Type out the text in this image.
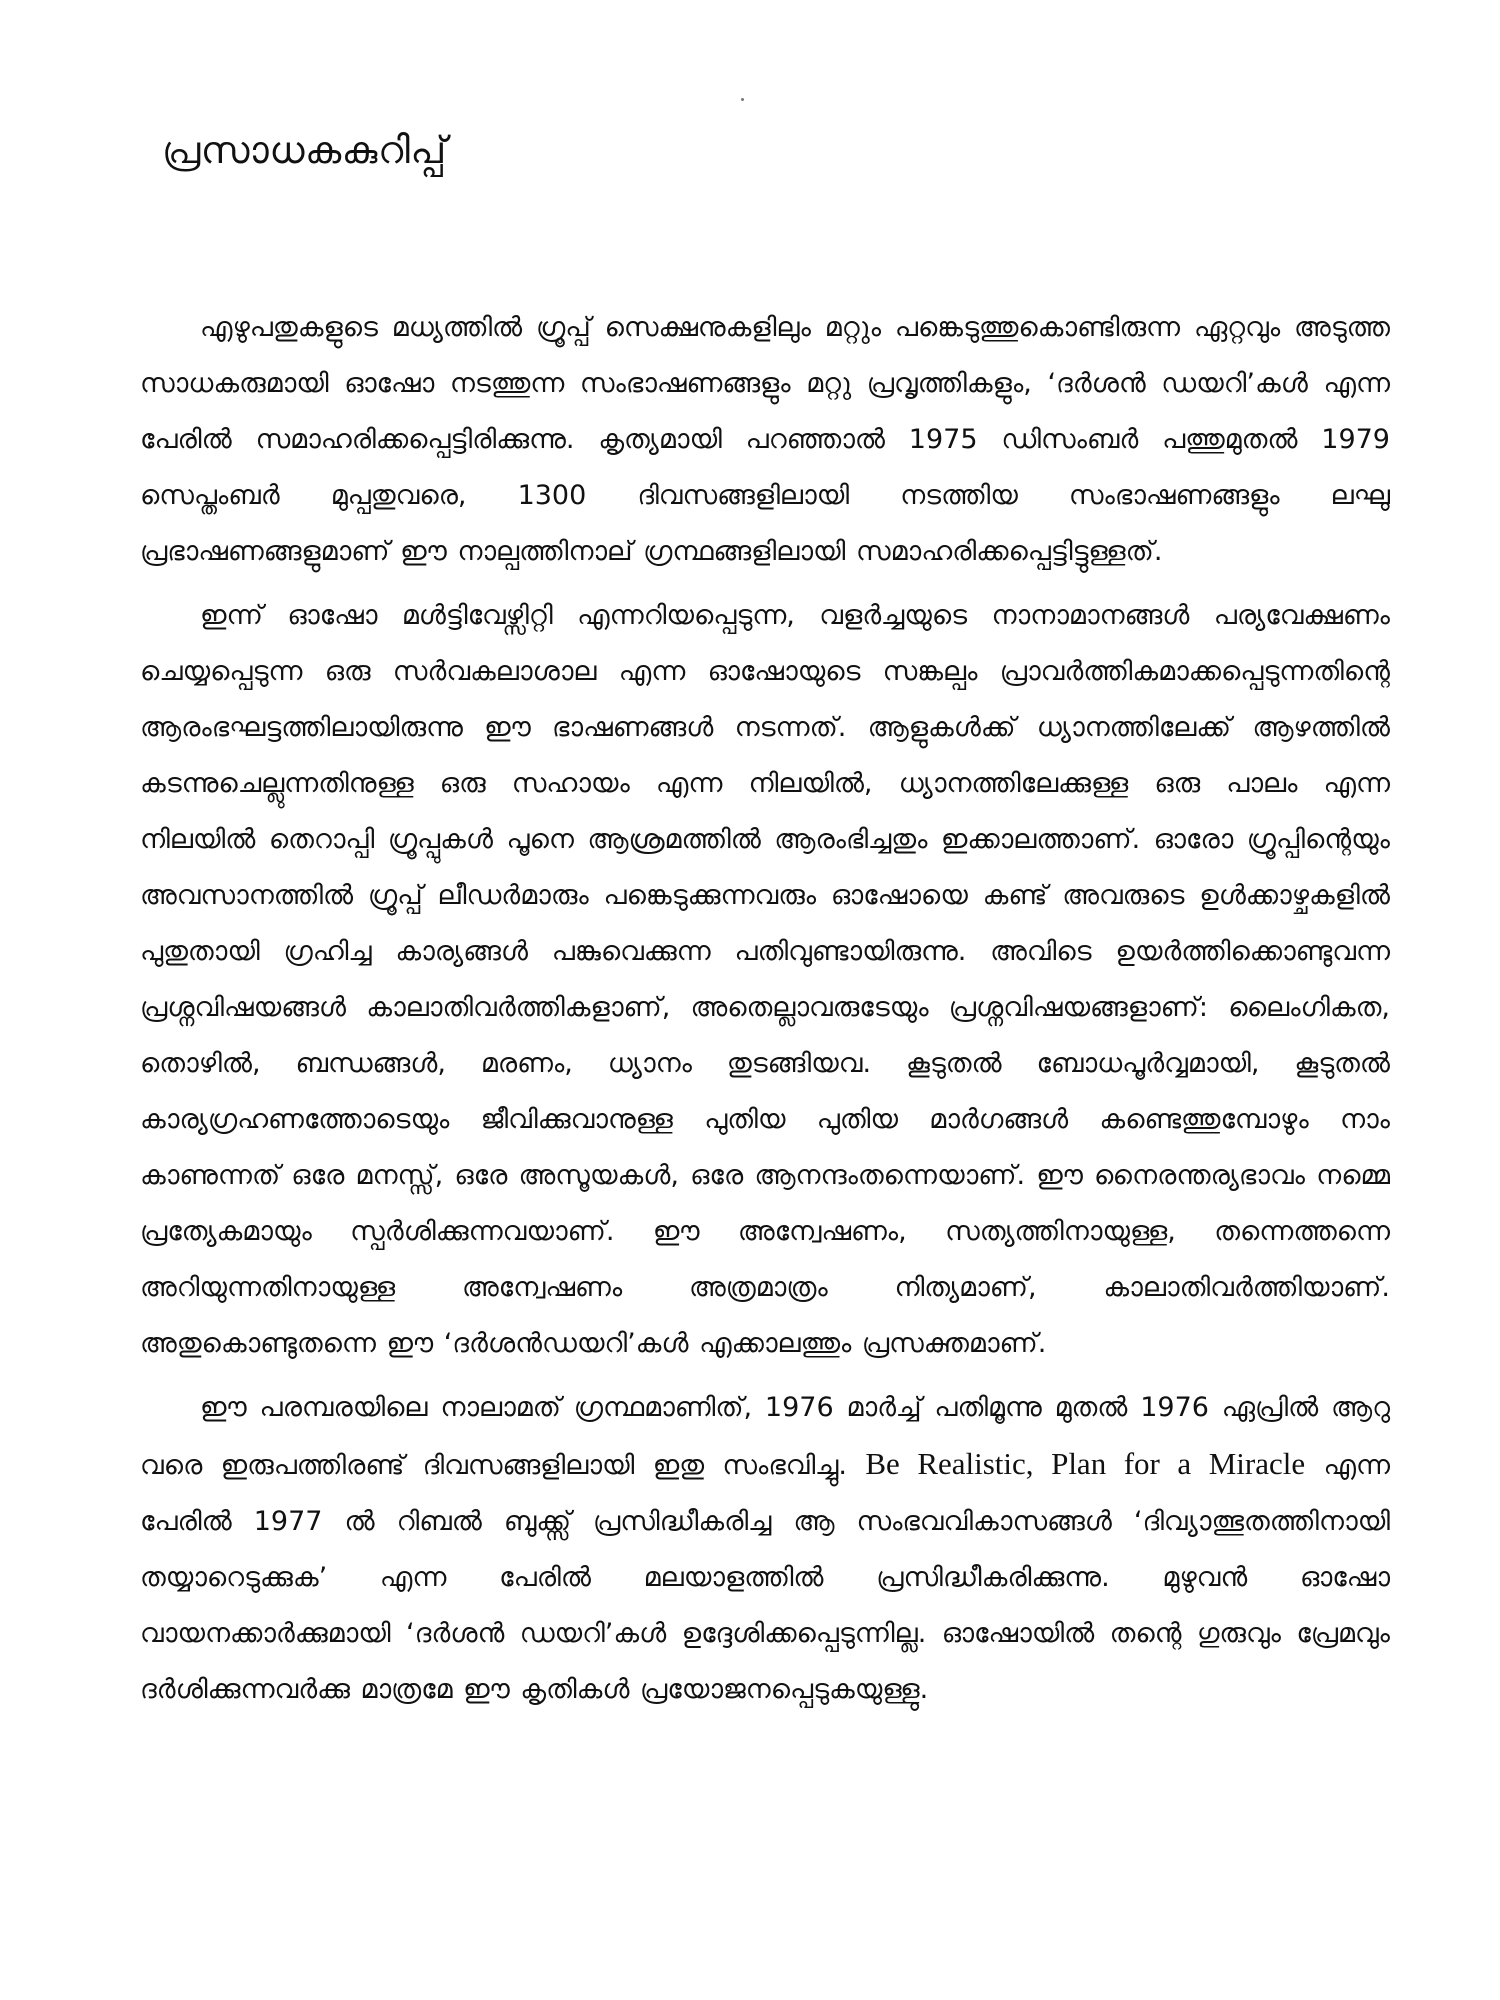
പ്രസാധകകുറിപ്പ്

എഴുപതുകളുടെ മധ്യത്തിൽ ഗ്രൂപ്പ് സെക്ഷനുകളിലും മറ്റും പങ്കെടുത്തുകൊണ്ടിരുന്ന ഏറ്റവും അടുത്ത സാധകരുമായി ഓഷോ നടത്തുന്ന സംഭാഷണങ്ങളും മറ്റു പ്രവൃത്തികളും, ‘ദർശൻ ഡയറി’കൾ എന്ന പേരിൽ സമാഹരിക്കപ്പെട്ടിരിക്കുന്നു. കൃത്യമായി പറഞ്ഞാൽ 1975 ഡിസംബർ പത്തുമുതൽ 1979 സെപ്തംബർ മുപ്പതുവരെ, 1300 ദിവസങ്ങളിലായി നടത്തിയ സംഭാഷണങ്ങളും ലഘു പ്രഭാഷണങ്ങളുമാണ് ഈ നാല്പത്തിനാല് ഗ്രന്ഥങ്ങളിലായി സമാഹരിക്കപ്പെട്ടിട്ടുള്ളത്.

ഇന്ന് ഓഷോ മൾട്ടിവേഴ്സിറ്റി എന്നറിയപ്പെടുന്ന, വളർച്ചയുടെ നാനാമാനങ്ങൾ പര്യവേക്ഷണം ചെയ്യപ്പെടുന്ന ഒരു സർവകലാശാല എന്ന ഓഷോയുടെ സങ്കല്പം പ്രാവർത്തികമാക്കപ്പെടുന്നതിന്റെ ആരംഭഘട്ടത്തിലായിരുന്നു ഈ ഭാഷണങ്ങൾ നടന്നത്. ആളുകൾക്ക് ധ്യാനത്തിലേക്ക് ആഴത്തിൽ കടന്നുചെല്ലുന്നതിനുള്ള ഒരു സഹായം എന്ന നിലയിൽ, ധ്യാനത്തിലേക്കുള്ള ഒരു പാലം എന്ന നിലയിൽ തെറാപ്പി ഗ്രൂപ്പുകൾ പൂനെ ആശ്രമത്തിൽ ആരംഭിച്ചതും ഇക്കാലത്താണ്. ഓരോ ഗ്രൂപ്പിന്റെയും അവസാനത്തിൽ ഗ്രൂപ്പ് ലീഡർമാരും പങ്കെടുക്കുന്നവരും ഓഷോയെ കണ്ട് അവരുടെ ഉൾക്കാഴ്ചകളിൽ പുതുതായി ഗ്രഹിച്ച കാര്യങ്ങൾ പങ്കുവെക്കുന്ന പതിവുണ്ടായിരുന്നു. അവിടെ ഉയർത്തിക്കൊണ്ടുവന്ന പ്രശ്നവിഷയങ്ങൾ കാലാതിവർത്തികളാണ്, അതെല്ലാവരുടേയും പ്രശ്നവിഷയങ്ങളാണ്: ലൈംഗികത, തൊഴിൽ, ബന്ധങ്ങൾ, മരണം, ധ്യാനം തുടങ്ങിയവ. കൂടുതൽ ബോധപൂർവ്വമായി, കൂടുതൽ കാര്യഗ്രഹണത്തോടെയും ജീവിക്കുവാനുള്ള പുതിയ പുതിയ മാർഗങ്ങൾ കണ്ടെത്തുമ്പോഴും നാം കാണുന്നത് ഒരേ മനസ്സ്, ഒരേ അസൂയകൾ, ഒരേ ആനന്ദംതന്നെയാണ്. ഈ നൈരന്തര്യഭാവം നമ്മെ പ്രത്യേകമായും സ്പർശിക്കുന്നവയാണ്. ഈ അന്വേഷണം, സത്യത്തിനായുള്ള, തന്നെത്തന്നെ അറിയുന്നതിനായുള്ള അന്വേഷണം അത്രമാത്രം നിത്യമാണ്, കാലാതിവർത്തിയാണ്. അതുകൊണ്ടുതന്നെ ഈ ‘ദർശൻഡയറി’കൾ എക്കാലത്തും പ്രസക്തമാണ്.

ഈ പരമ്പരയിലെ നാലാമത് ഗ്രന്ഥമാണിത്, 1976 മാർച്ച് പതിമൂന്നു മുതൽ 1976 ഏപ്രിൽ ആറു വരെ ഇരുപത്തിരണ്ട് ദിവസങ്ങളിലായി ഇതു സംഭവിച്ചു. Be Realistic, Plan for a Miracle എന്ന പേരിൽ 1977 ൽ റിബൽ ബുക്ക്സ് പ്രസിദ്ധീകരിച്ച ആ സംഭവവികാസങ്ങൾ ‘ദിവ്യാത്ഭുതത്തിനായി തയ്യാറെടുക്കുക’ എന്ന പേരിൽ മലയാളത്തിൽ പ്രസിദ്ധീകരിക്കുന്നു. മുഴുവൻ ഓഷോ വായനക്കാർക്കുമായി ‘ദർശൻ ഡയറി’കൾ ഉദ്ദേശിക്കപ്പെടുന്നില്ല. ഓഷോയിൽ തന്റെ ഗുരുവും പ്രേമവും ദർശിക്കുന്നവർക്കു മാത്രമേ ഈ കൃതികൾ പ്രയോജനപ്പെടുകയുള്ളു.
